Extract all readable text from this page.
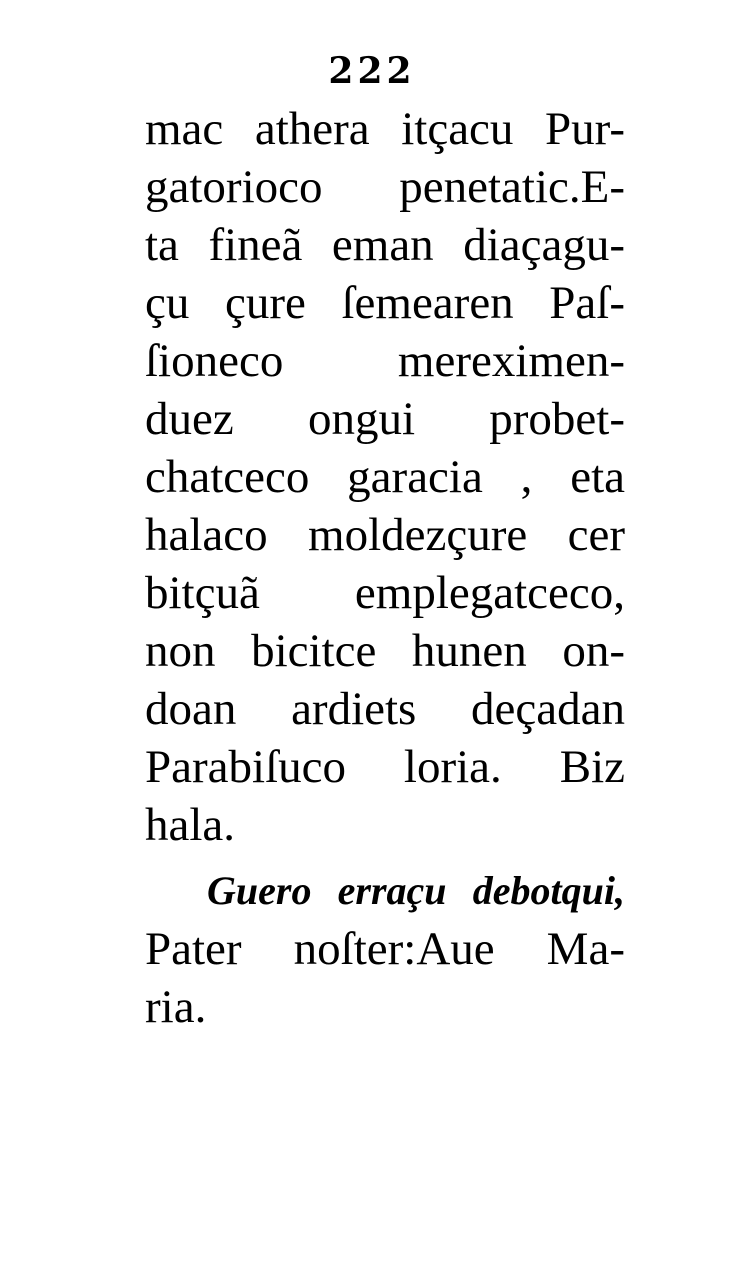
222
mac athera itçacu Pur-
gatorioco penetatic.E-
ta fineã eman diaçagu-
çu çure ſemearen Paſ-
ſioneco mereximen-
duez ongui probet-
chatceco garacia , eta
halaco moldezçure cer
bitçuã emplegatceco,
non bicitce hunen on-
doan ardiets deçadan
Parabiſuco loria. Biz
hala.
Guero erraçu debotqui,
Pater noſter:Aue Ma-
ria.
